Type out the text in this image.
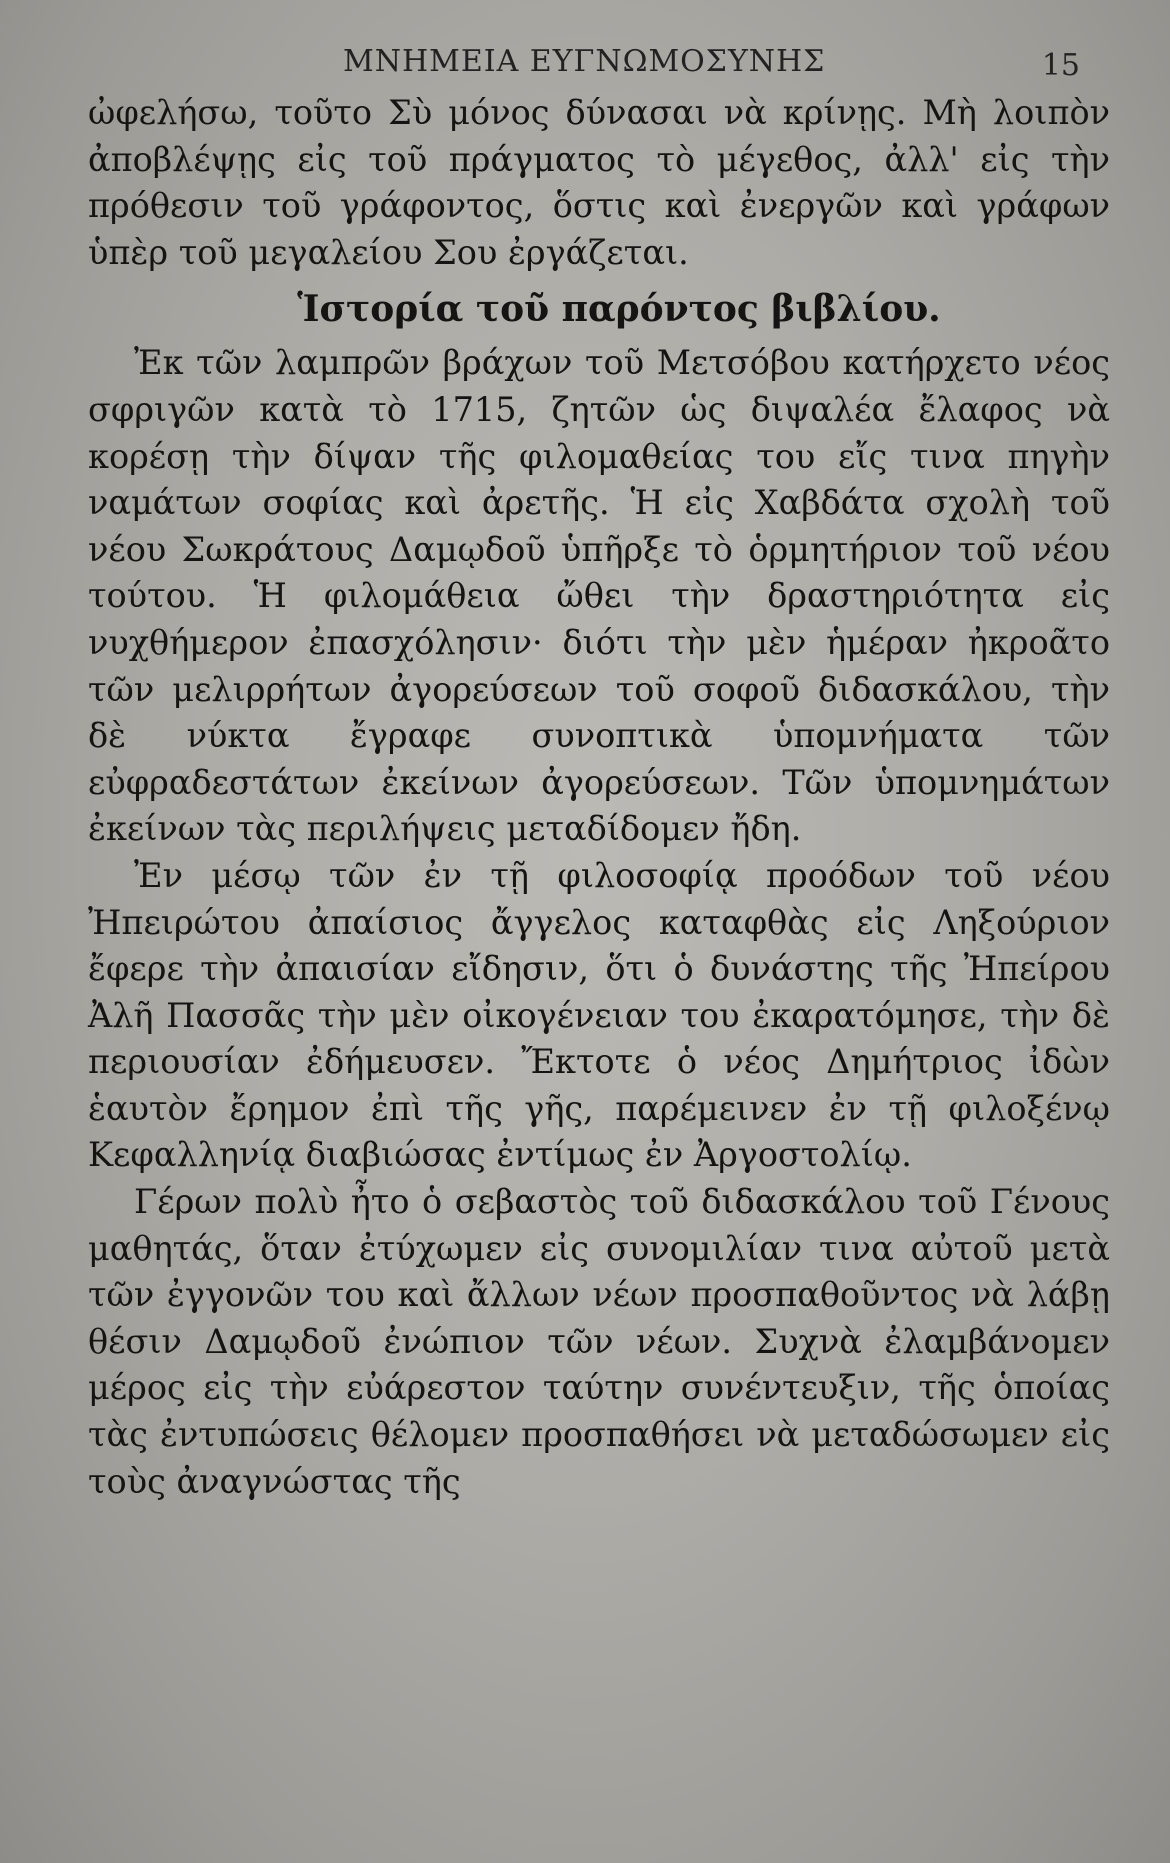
ΜΝΗΜΕΙΑ ΕΥΓΝΩΜΟΣΥΝΗΣ	15

ὠφελήσω, τοῦτο Σὺ μόνος δύνασαι νὰ κρίνῃς. Μὴ λοιπὸν ἀποβλέψῃς εἰς τοῦ πράγματος τὸ μέγεθος, ἀλλ' εἰς τὴν πρόθεσιν τοῦ γράφοντος, ὅστις καὶ ἐνεργῶν καὶ γράφων ὑπὲρ τοῦ μεγαλείου Σου ἐργάζεται.

Ἱστορία τοῦ παρόντος βιβλίου.

Ἐκ τῶν λαμπρῶν βράχων τοῦ Μετσόβου κατήρχετο νέος σφριγῶν κατὰ τὸ 1715, ζητῶν ὡς διψαλέα ἔλαφος νὰ κορέσῃ τὴν δίψαν τῆς φιλομαθείας του εἴς τινα πηγὴν ναμάτων σοφίας καὶ ἀρετῆς. Ἡ εἰς Χαβδάτα σχολὴ τοῦ νέου Σωκράτους Δαμῳδοῦ ὑπῆρξε τὸ ὁρμητήριον τοῦ νέου τούτου. Ἡ φιλομάθεια ὤθει τὴν δραστηριότητα εἰς νυχθήμερον ἐπασχόλησιν· διότι τὴν μὲν ἡμέραν ἠκροᾶτο τῶν μελιρρήτων ἀγορεύσεων τοῦ σοφοῦ διδασκάλου, τὴν δὲ νύκτα ἔγραφε συνοπτικὰ ὑπομνήματα τῶν εὐφραδεστάτων ἐκείνων ἀγορεύσεων. Τῶν ὑπομνημάτων ἐκείνων τὰς περιλήψεις μεταδίδομεν ἤδη.

Ἐν μέσῳ τῶν ἐν τῇ φιλοσοφίᾳ προόδων τοῦ νέου Ἠπειρώτου ἀπαίσιος ἄγγελος καταφθὰς εἰς Ληξούριον ἔφερε τὴν ἀπαισίαν εἴδησιν, ὅτι ὁ δυνάστης τῆς Ἠπείρου Ἀλῆ Πασσᾶς τὴν μὲν οἰκογένειαν του ἐκαρατόμησε, τὴν δὲ περιουσίαν ἐδήμευσεν. Ἔκτοτε ὁ νέος Δημήτριος ἰδὼν ἑαυτὸν ἔρημον ἐπὶ τῆς γῆς, παρέμεινεν ἐν τῇ φιλοξένῳ Κεφαλληνίᾳ διαβιώσας ἐντίμως ἐν Ἀργοστολίῳ.

Γέρων πολὺ ἦτο ὁ σεβαστὸς τοῦ διδασκάλου τοῦ Γένους μαθητάς, ὅταν ἐτύχωμεν εἰς συνομιλίαν τινα αὐτοῦ μετὰ τῶν ἐγγονῶν του καὶ ἄλλων νέων προσπαθοῦντος νὰ λάβῃ θέσιν Δαμῳδοῦ ἐνώπιον τῶν νέων. Συχνὰ ἐλαμβάνομεν μέρος εἰς τὴν εὐάρεστον ταύτην συνέντευξιν, τῆς ὁποίας τὰς ἐντυπώσεις θέλομεν προσπαθήσει νὰ μεταδώσωμεν εἰς τοὺς ἀναγνώστας τῆς
